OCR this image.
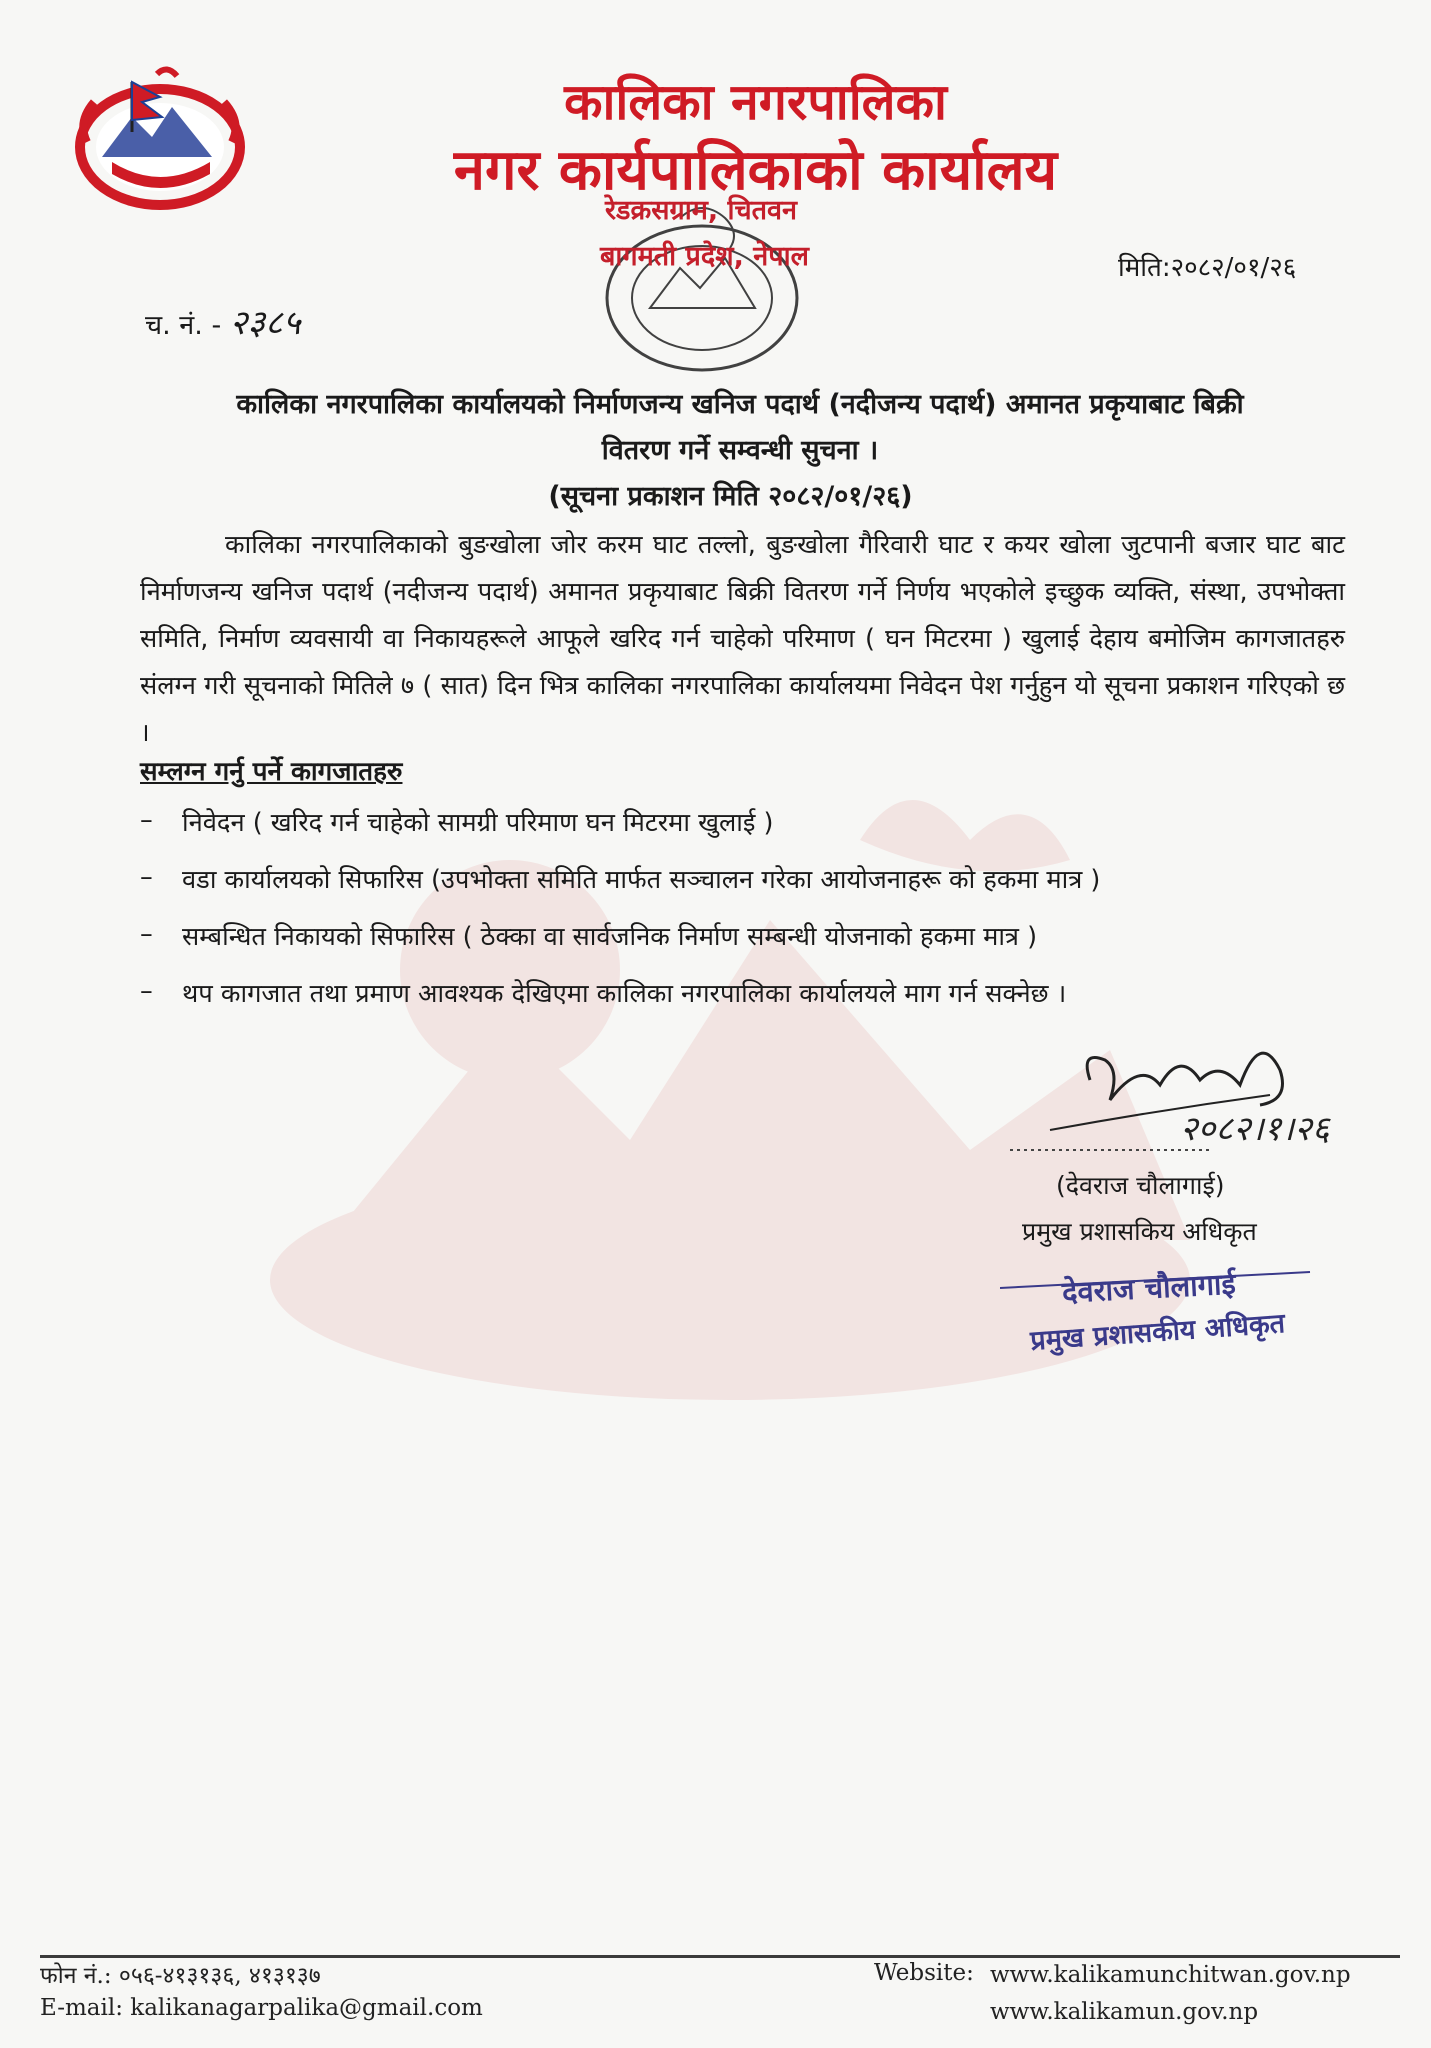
कालिका नगरपालिका
नगर कार्यपालिकाको कार्यालय
रेडक्रसग्राम, चितवन
बागमती प्रदेश, नेपाल	मिति:२०८२/०१/२६
च. नं. - २३८५
कालिका नगरपालिका कार्यालयको निर्माणजन्य खनिज पदार्थ (नदीजन्य पदार्थ) अमानत प्रकृयाबाट बिक्री
वितरण गर्ने सम्वन्धी सुचना ।
(सूचना प्रकाशन मिति २०८२/०१/२६)
कालिका नगरपालिकाको बुङखोला जोर करम घाट तल्लो, बुङखोला गैरिवारी घाट र कयर खोला जुटपानी बजार घाट बाट निर्माणजन्य खनिज पदार्थ (नदीजन्य पदार्थ) अमानत प्रकृयाबाट बिक्री वितरण गर्ने निर्णय भएकोले इच्छुक व्यक्ति, संस्था, उपभोक्ता समिति, निर्माण व्यवसायी वा निकायहरूले आफूले खरिद गर्न चाहेको परिमाण ( घन मिटरमा ) खुलाई देहाय बमोजिम कागजातहरु संलग्न गरी सूचनाको मितिले ७ ( सात) दिन भित्र कालिका नगरपालिका कार्यालयमा निवेदन पेश गर्नुहुन यो सूचना प्रकाशन गरिएको छ ।
सम्लग्न गर्नु पर्ने कागजातहरु
–	निवेदन ( खरिद गर्न चाहेको सामग्री परिमाण घन मिटरमा खुलाई )
–	वडा कार्यालयको सिफारिस (उपभोक्ता समिति मार्फत सञ्चालन गरेका आयोजनाहरू को हकमा मात्र )
–	सम्बन्धित निकायको सिफारिस ( ठेक्का वा सार्वजनिक निर्माण सम्बन्धी योजनाको हकमा मात्र )
–	थप कागजात तथा प्रमाण आवश्यक देखिएमा कालिका नगरपालिका कार्यालयले माग गर्न सक्नेछ ।
२०८२।१।२६
(देवराज चौलागाई)
प्रमुख प्रशासकिय अधिकृत
देवराज चौलागाई
प्रमुख प्रशासकीय अधिकृत
फोन नं.: ०५६-४१३१३६, ४१३१३७
E-mail: kalikanagarpalika@gmail.com
Website: www.kalikamunchitwan.gov.np
www.kalikamun.gov.np
